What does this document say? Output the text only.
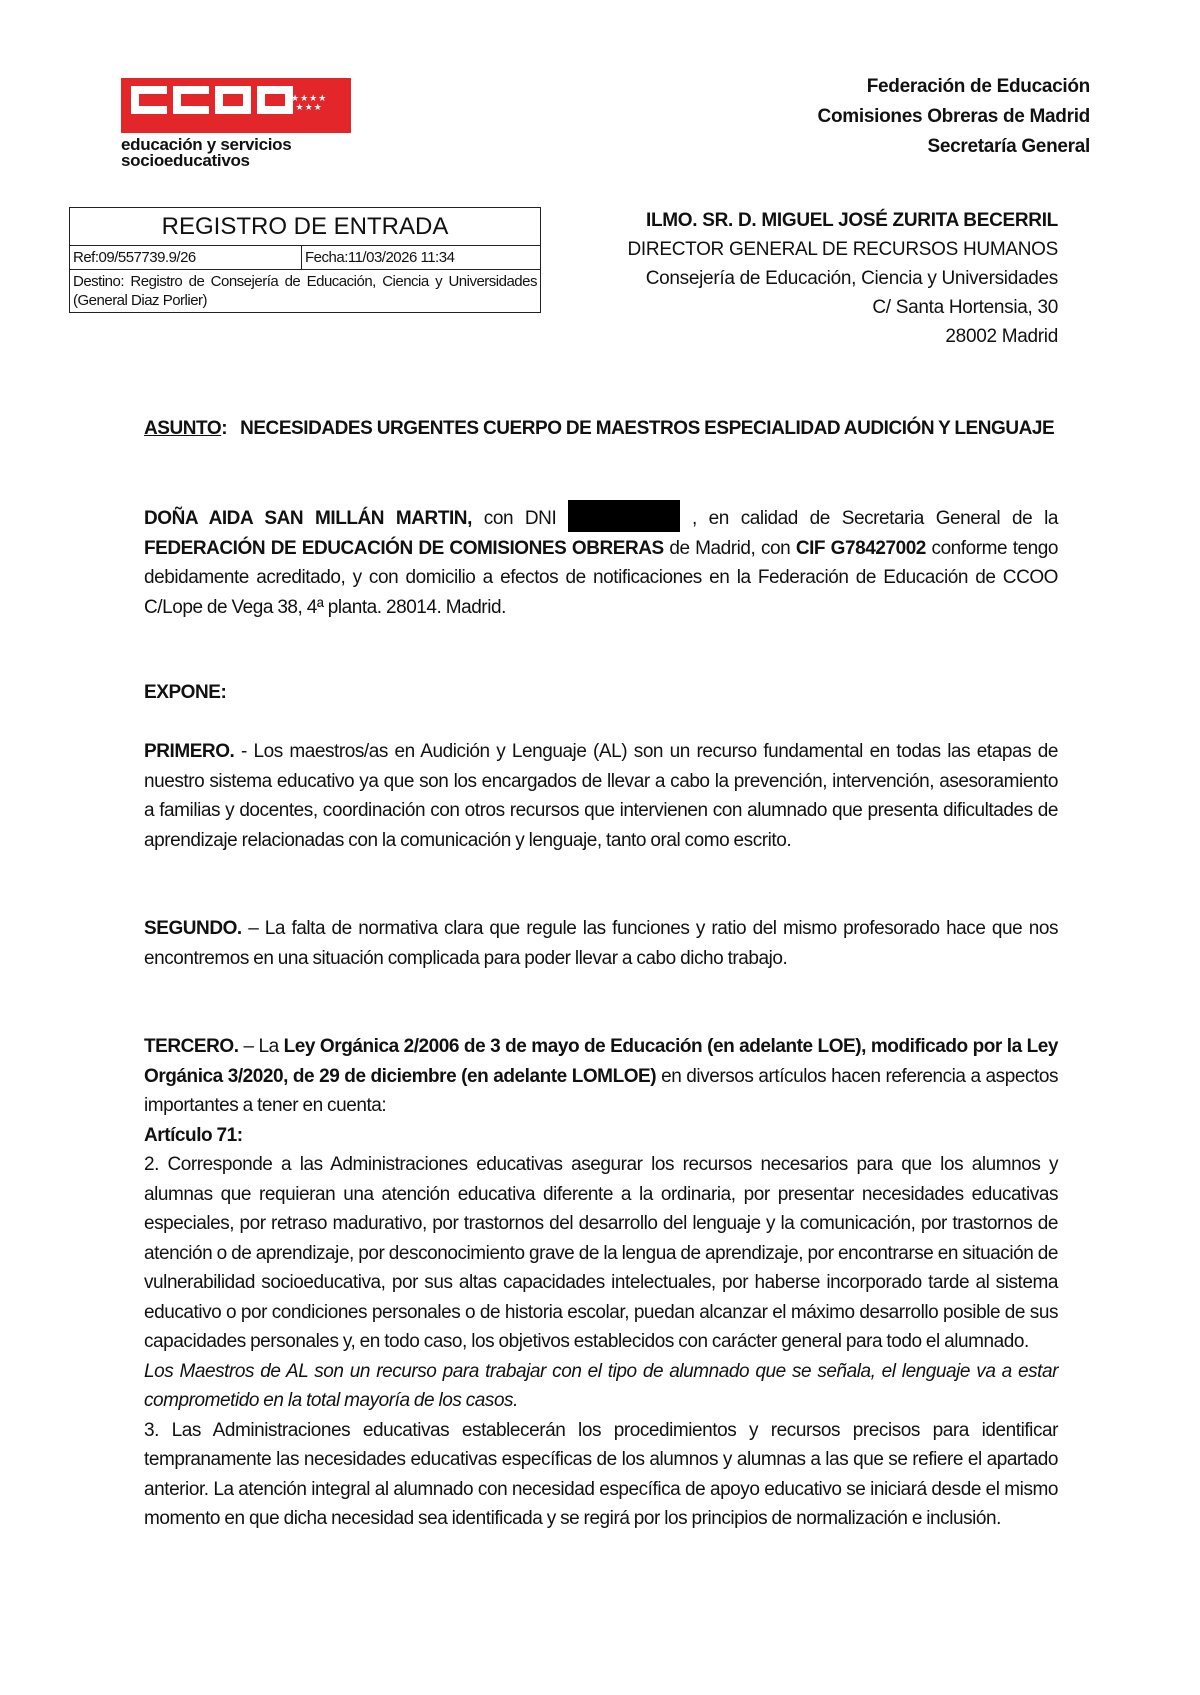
★★★★
★★★
educación y servicios
socioeducativos
Federación de Educación
Comisiones Obreras de Madrid
Secretaría General
REGISTRO DE ENTRADA
Ref:09/557739.9/26	Fecha:11/03/2026 11:34
Destino: Registro de Consejería de Educación, Ciencia y Universidades (General Diaz Porlier)
ILMO. SR. D. MIGUEL JOSÉ ZURITA BECERRIL
DIRECTOR GENERAL DE RECURSOS HUMANOS
Consejería de Educación, Ciencia y Universidades
C/ Santa Hortensia, 30
28002 Madrid
ASUNTO:   NECESIDADES URGENTES CUERPO DE MAESTROS ESPECIALIDAD AUDICIÓN Y LENGUAJE
DOÑA AIDA SAN MILLÁN MARTIN, con DNI	, en calidad de Secretaria General de la FEDERACIÓN DE EDUCACIÓN DE COMISIONES OBRERAS de Madrid, con CIF G78427002 conforme tengo debidamente acreditado, y con domicilio a efectos de notificaciones en la Federación de Educación de CCOO C/Lope de Vega 38, 4ª planta. 28014. Madrid.
EXPONE:
PRIMERO. - Los maestros/as en Audición y Lenguaje (AL) son un recurso fundamental en todas las etapas de nuestro sistema educativo ya que son los encargados de llevar a cabo la prevención, intervención, asesoramiento a familias y docentes, coordinación con otros recursos que intervienen con alumnado que presenta dificultades de aprendizaje relacionadas con la comunicación y lenguaje, tanto oral como escrito.
SEGUNDO. – La falta de normativa clara que regule las funciones y ratio del mismo profesorado hace que nos encontremos en una situación complicada para poder llevar a cabo dicho trabajo.

TERCERO. – La Ley Orgánica 2/2006 de 3 de mayo de Educación (en adelante LOE), modificado por la Ley Orgánica 3/2020, de 29 de diciembre (en adelante LOMLOE) en diversos artículos hacen referencia a aspectos importantes a tener en cuenta:

Artículo 71:

2. Corresponde a las Administraciones educativas asegurar los recursos necesarios para que los alumnos y alumnas que requieran una atención educativa diferente a la ordinaria, por presentar necesidades educativas especiales, por retraso madurativo, por trastornos del desarrollo del lenguaje y la comunicación, por trastornos de atención o de aprendizaje, por desconocimiento grave de la lengua de aprendizaje, por encontrarse en situación de vulnerabilidad socioeducativa, por sus altas capacidades intelectuales, por haberse incorporado tarde al sistema educativo o por condiciones personales o de historia escolar, puedan alcanzar el máximo desarrollo posible de sus capacidades personales y, en todo caso, los objetivos establecidos con carácter general para todo el alumnado.

Los Maestros de AL son un recurso para trabajar con el tipo de alumnado que se señala, el lenguaje va a estar comprometido en la total mayoría de los casos.

3. Las Administraciones educativas establecerán los procedimientos y recursos precisos para identificar tempranamente las necesidades educativas específicas de los alumnos y alumnas a las que se refiere el apartado anterior. La atención integral al alumnado con necesidad específica de apoyo educativo se iniciará desde el mismo momento en que dicha necesidad sea identificada y se regirá por los principios de normalización e inclusión.
